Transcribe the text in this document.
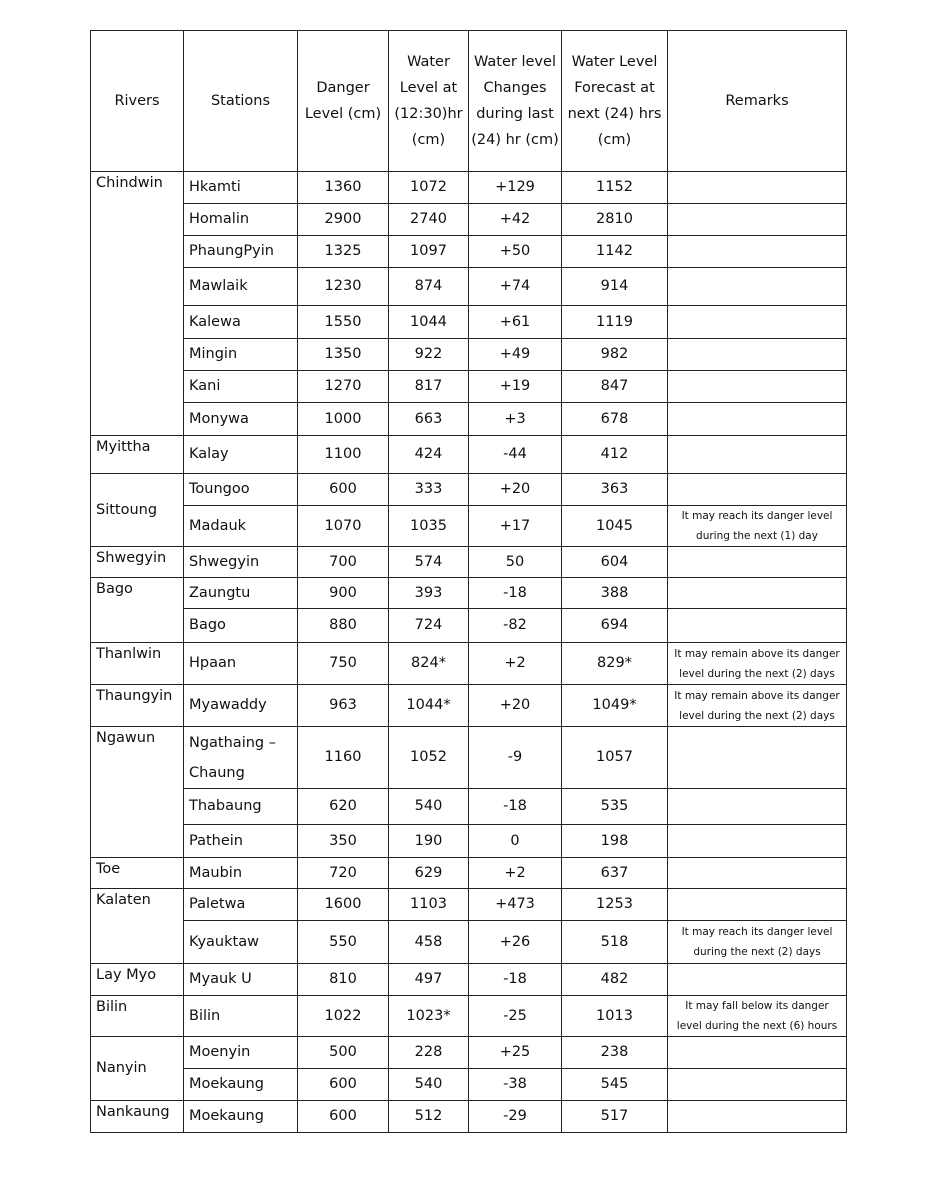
Rivers	Stations	Danger Level (cm)	Water Level at (12:30)hr (cm)	Water level Changes during last (24) hr (cm)	Water Level Forecast at next (24) hrs (cm)	Remarks
Chindwin	Hkamti	1360	1072	+129	1152	
	Homalin	2900	2740	+42	2810	
	PhaungPyin	1325	1097	+50	1142	
	Mawlaik	1230	874	+74	914	
	Kalewa	1550	1044	+61	1119	
	Mingin	1350	922	+49	982	
	Kani	1270	817	+19	847	
	Monywa	1000	663	+3	678	
Myittha	Kalay	1100	424	-44	412	
Sittoung	Toungoo	600	333	+20	363	
	Madauk	1070	1035	+17	1045	It may reach its danger level during the next (1) day
Shwegyin	Shwegyin	700	574	50	604	
Bago	Zaungtu	900	393	-18	388	
	Bago	880	724	-82	694	
Thanlwin	Hpaan	750	824*	+2	829*	It may remain above its danger level during the next (2) days
Thaungyin	Myawaddy	963	1044*	+20	1049*	It may remain above its danger level during the next (2) days
Ngawun	Ngathaing – Chaung	1160	1052	-9	1057	
	Thabaung	620	540	-18	535	
	Pathein	350	190	0	198	
Toe	Maubin	720	629	+2	637	
Kalaten	Paletwa	1600	1103	+473	1253	
	Kyauktaw	550	458	+26	518	It may reach its danger level during the next (2) days
Lay Myo	Myauk U	810	497	-18	482	
Bilin	Bilin	1022	1023*	-25	1013	It may fall below its danger level during the next (6) hours
Nanyin	Moenyin	500	228	+25	238	
	Moekaung	600	540	-38	545	
Nankaung	Moekaung	600	512	-29	517	
